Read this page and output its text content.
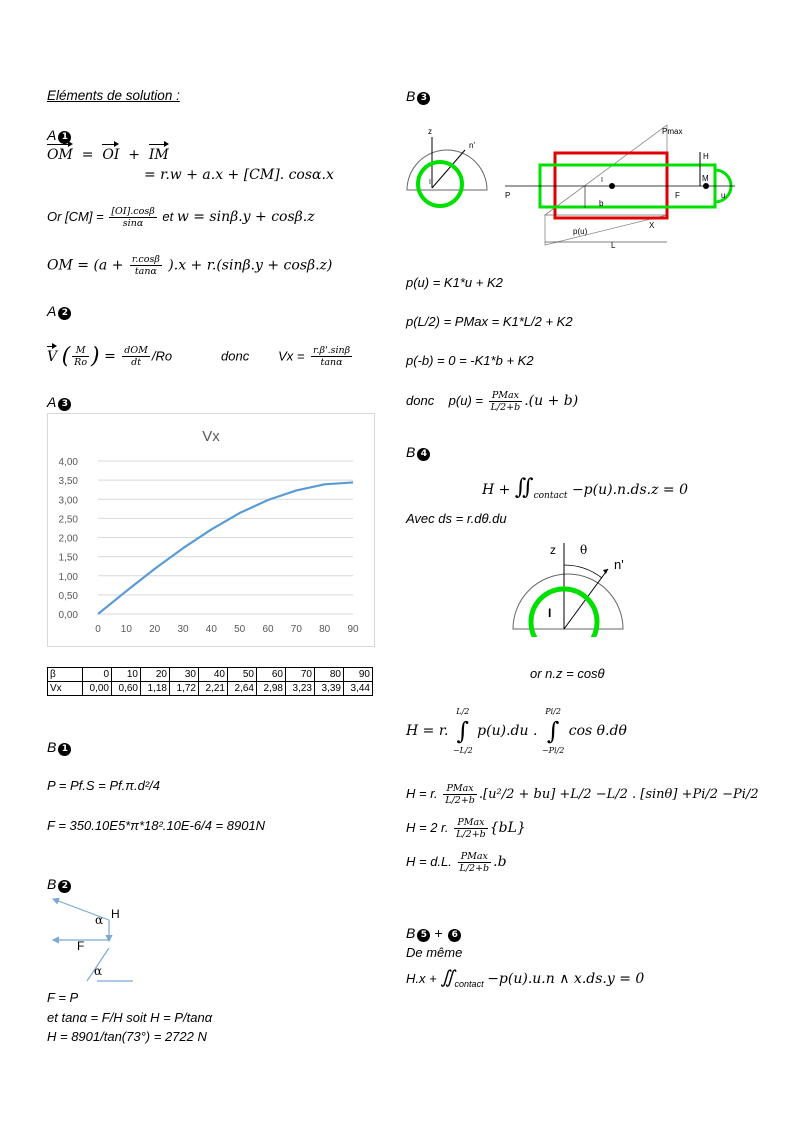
Eléments de solution :
A 1
OM  =  OI  +  IM
= r.w + a.x + [CM]. cosα.x
Or $[CM] = \frac{[OI].\cos\beta}{\sin\alpha}$ et w = sinβ.y + cosβ.z
OM = $(a + \frac{r.\cos\beta}{\tan\alpha} ).x + r.(\sin\beta.y + \cos\beta.z)$
A 2
V ( $\frac{M}{Ro}$ ) = $\frac{\text{dOM}}{dt} /Ro$	donc $Vx = \frac{r.\beta'.\sin\beta}{\tan\alpha}$
A 3
Vx
0,00
0,50
1,00
1,50
2,00
2,50
3,00
3,50
4,00
0 10 20 30 40 50 60 70 80 90
β	0	10	20	30	40	50	60	70	80	90
Vx	0,00	0,60	1,18	1,72	2,21	2,64	2,98	3,23	3,39	3,44
B 1
P = Pf.S = Pf.π.d²/4
F = 350.10E5*π*18².10E-6/4 = 8901N
B 2
α H
F
α
F = P
et tanα = F/H soit H = P/tanα
H = 8901/tan(73°) = 2722 N
B 3
z
n'
I
Pmax
H
M
u
P
I
F
b
X
p(u)
L
p(u) = K1*u + K2
p(L/2) = PMax = K1*L/2 + K2
p(-b) = 0 = -K1*b + K2
donc $p(u) = \frac{\text{PMax}}{L/2+b} .(u + b)$
B 4
$H + ∬_{contact} -p(u).n.ds.z = 0$
Avec ds = r.dθ.du
z θ
n'
I
or n.z = cosθ
H = r.
L/2
∫
−L/2
p(u).du .
Pi/2
∫
−Pi/2
cos θ.dθ
H = r. $\frac{\text{PMax}}{L/2+b} .[u^2/2 + bu] +L/2 -L/2$ . [sinθ] +Pi/2 −Pi/2
H = 2 r. $\frac{\text{PMax}}{L/2+b} \{bL\}$
H = d.L. $\frac{\text{PMax}}{L/2+b} .b$
B 5 + 6
De même
$H.x + ∬_{contact} -p(u).u.n$ ∧ x.ds.y = 0
